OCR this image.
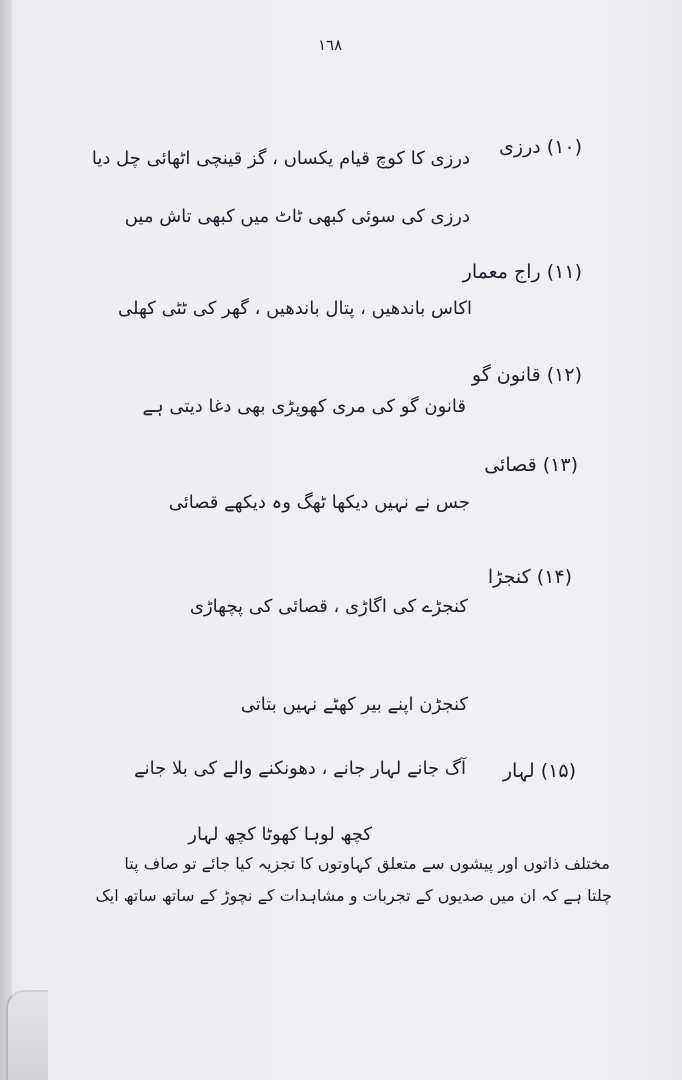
١٦٨
(۱۰) درزی
درزی کا کوچ قیام یکساں ، گز قینچی اٹھائی چل دیا
درزی کی سوئی کبھی ٹاٹ میں کبھی تاش میں
(۱۱) راج معمار
اکاس باندھیں ، پتال باندھیں ، گھر کی ٹٹی کھلی
(۱۲) قانون گو
قانون گو کی مری کھوپڑی بھی دغا دیتی ہے
(۱۳) قصائی
جس نے نہیں دیکھا ٹھگ وہ دیکھے قصائی
(۱۴) کنجڑا
کنجڑے کی اگاڑی ، قصائی کی پچھاڑی
کنجڑن اپنے بیر کھٹے نہیں بتاتی
(۱۵) لہار
آگ جانے لہار جانے ، دھونکنے والے کی بلا جانے
کچھ لوہا کھوٹا کچھ لہار
مختلف ذاتوں اور پیشوں سے متعلق کہاوتوں کا تجزیہ کیا جائے تو صاف پتا
چلتا ہے کہ ان میں صدیوں کے تجربات و مشاہدات کے نچوڑ کے ساتھ ساتھ ایک
